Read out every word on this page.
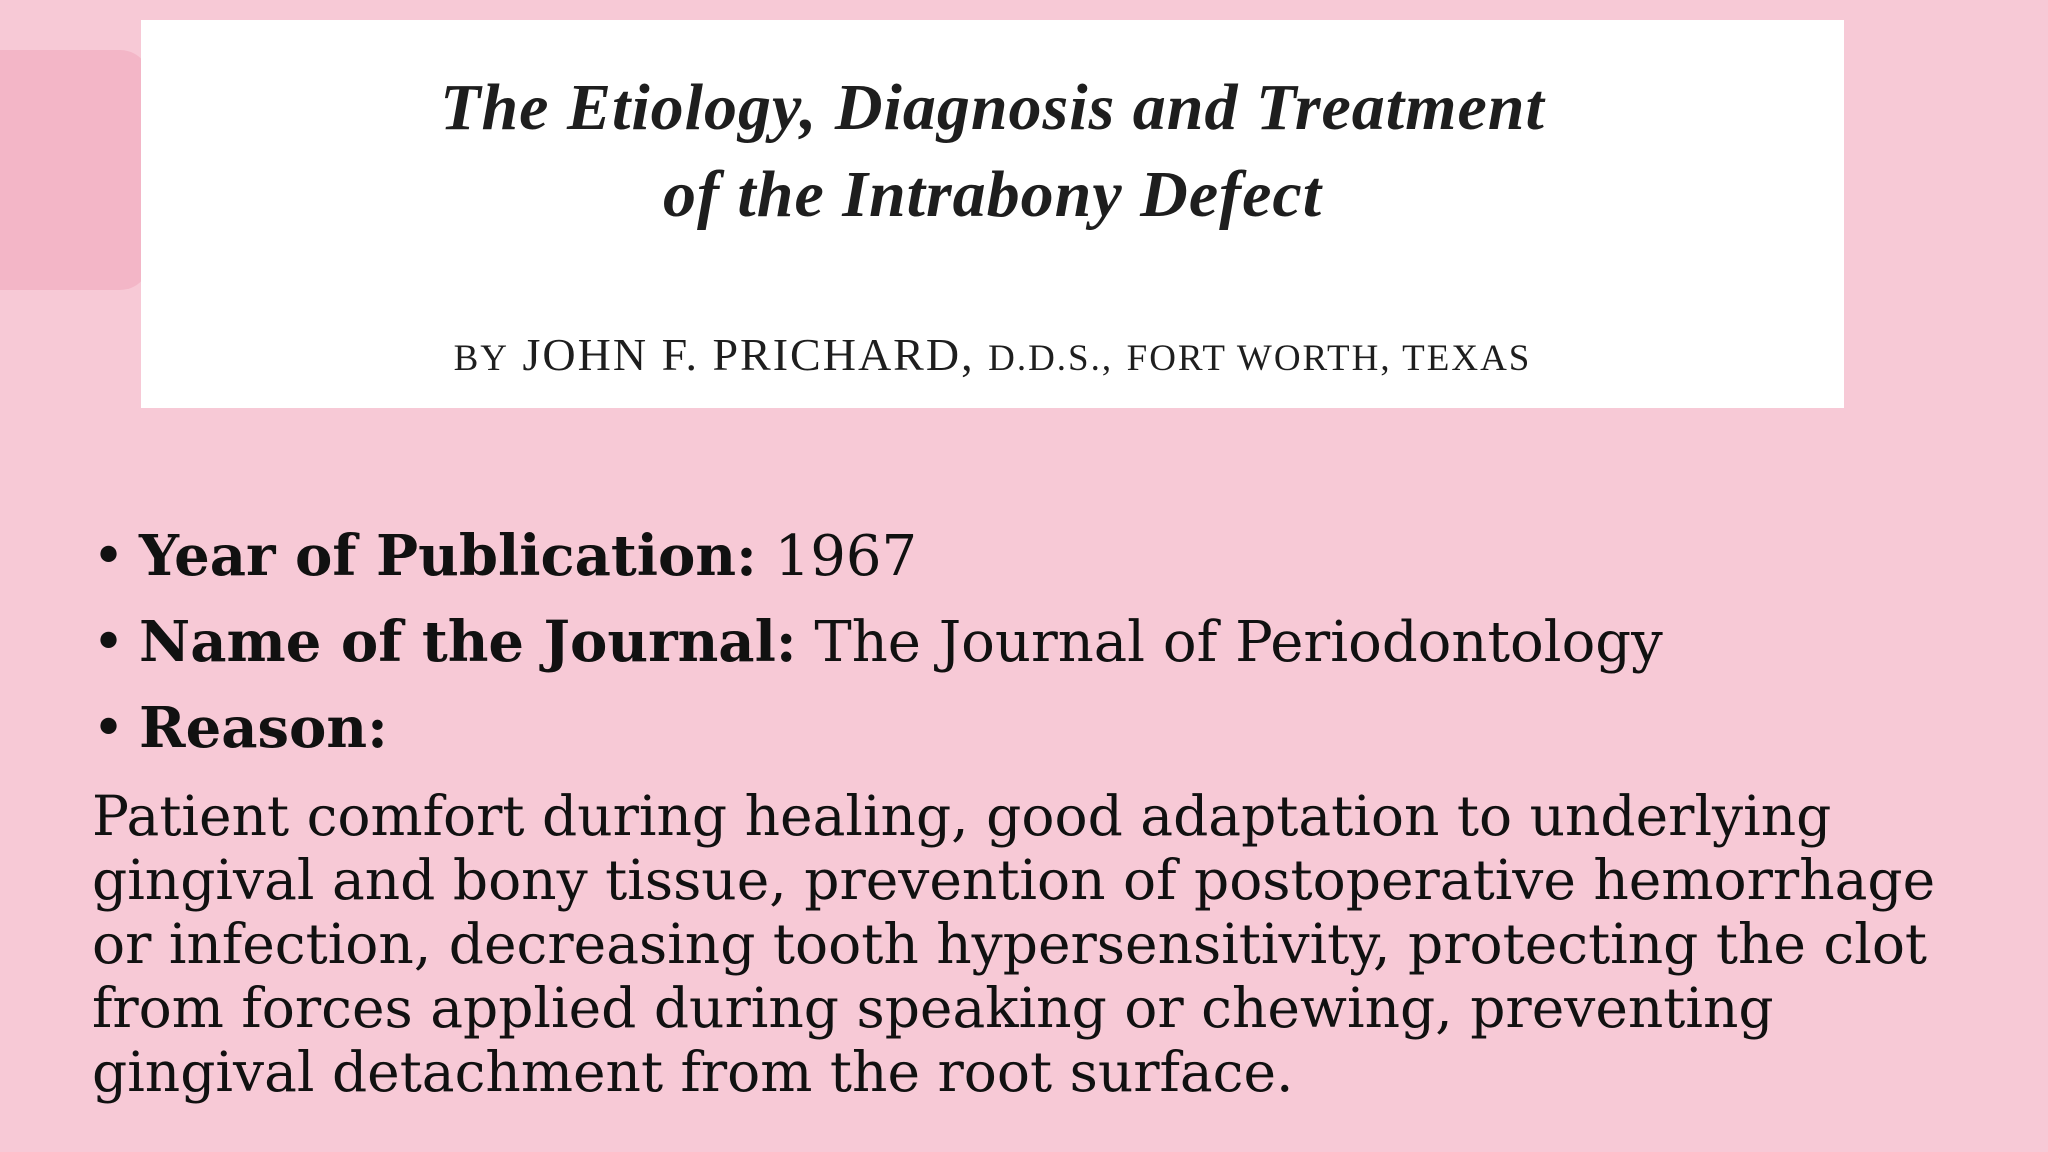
The Etiology, Diagnosis and Treatment
of the Intrabony Defect
BY JOHN F. PRICHARD, D.D.S., FORT WORTH, TEXAS
• Year of Publication: 1967
• Name of the Journal: The Journal of Periodontology
• Reason:

Patient comfort during healing, good adaptation to underlying gingival and bony tissue, prevention of postoperative hemorrhage or infection, decreasing tooth hypersensitivity, protecting the clot from forces applied during speaking or chewing, preventing gingival detachment from the root surface.
